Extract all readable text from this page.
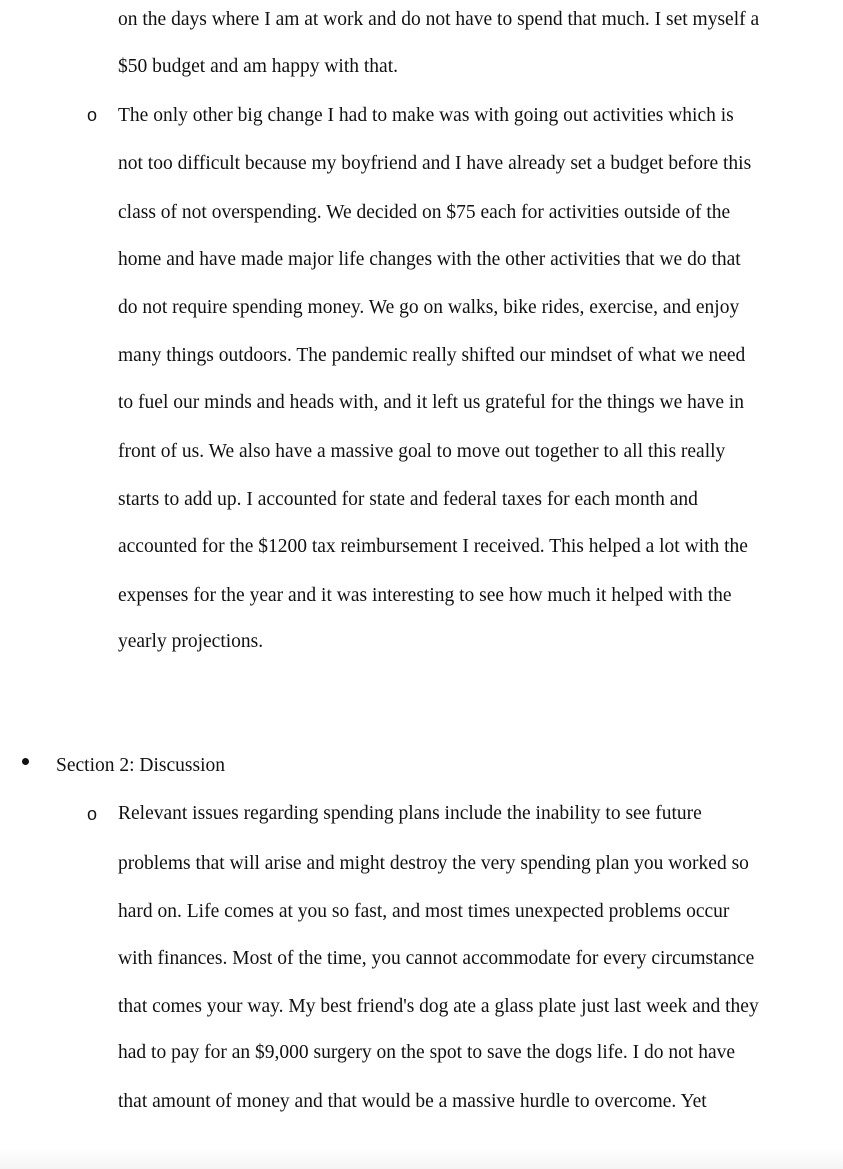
on the days where I am at work and do not have to spend that much. I set myself a
$50 budget and am happy with that.
o The only other big change I had to make was with going out activities which is
not too difficult because my boyfriend and I have already set a budget before this
class of not overspending. We decided on $75 each for activities outside of the
home and have made major life changes with the other activities that we do that
do not require spending money. We go on walks, bike rides, exercise, and enjoy
many things outdoors. The pandemic really shifted our mindset of what we need
to fuel our minds and heads with, and it left us grateful for the things we have in
front of us. We also have a massive goal to move out together to all this really
starts to add up. I accounted for state and federal taxes for each month and
accounted for the $1200 tax reimbursement I received. This helped a lot with the
expenses for the year and it was interesting to see how much it helped with the
yearly projections.
Section 2: Discussion
o Relevant issues regarding spending plans include the inability to see future
problems that will arise and might destroy the very spending plan you worked so
hard on. Life comes at you so fast, and most times unexpected problems occur
with finances. Most of the time, you cannot accommodate for every circumstance
that comes your way. My best friend's dog ate a glass plate just last week and they
had to pay for an $9,000 surgery on the spot to save the dogs life. I do not have
that amount of money and that would be a massive hurdle to overcome. Yet
